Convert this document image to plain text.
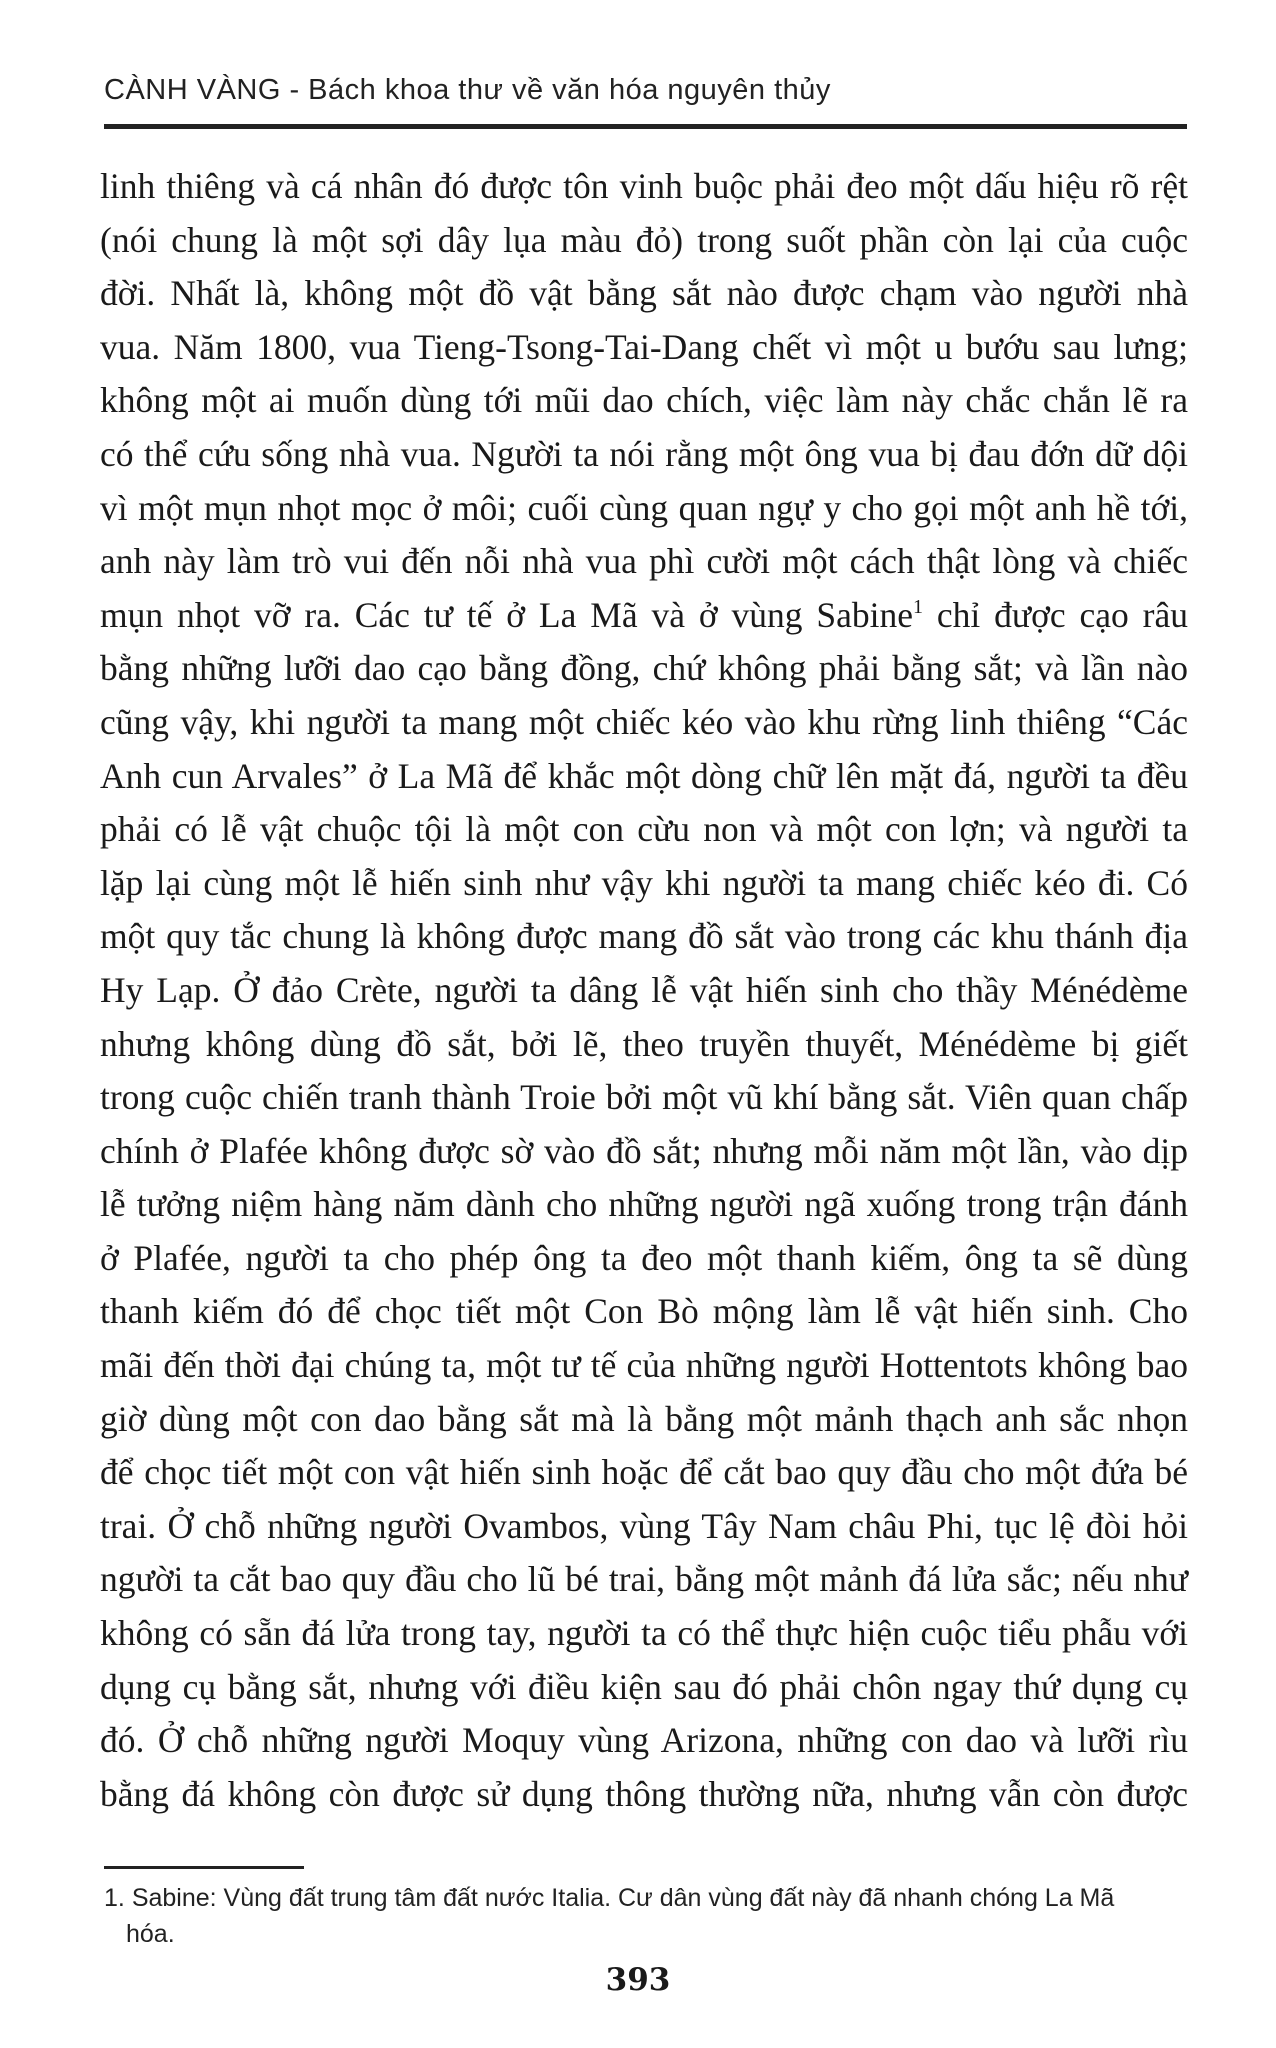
CÀNH VÀNG - Bách khoa thư về văn hóa nguyên thủy
linh thiêng và cá nhân đó được tôn vinh buộc phải đeo một dấu hiệu rõ rệt
(nói chung là một sợi dây lụa màu đỏ) trong suốt phần còn lại của cuộc
đời. Nhất là, không một đồ vật bằng sắt nào được chạm vào người nhà
vua. Năm 1800, vua Tieng-Tsong-Tai-Dang chết vì một u bướu sau lưng;
không một ai muốn dùng tới mũi dao chích, việc làm này chắc chắn lẽ ra
có thể cứu sống nhà vua. Người ta nói rằng một ông vua bị đau đớn dữ dội
vì một mụn nhọt mọc ở môi; cuối cùng quan ngự y cho gọi một anh hề tới,
anh này làm trò vui đến nỗi nhà vua phì cười một cách thật lòng và chiếc
mụn nhọt vỡ ra. Các tư tế ở La Mã và ở vùng Sabine$^1$ chỉ được cạo râu
bằng những lưỡi dao cạo bằng đồng, chứ không phải bằng sắt; và lần nào
cũng vậy, khi người ta mang một chiếc kéo vào khu rừng linh thiêng “Các
Anh cun Arvales” ở La Mã để khắc một dòng chữ lên mặt đá, người ta đều
phải có lễ vật chuộc tội là một con cừu non và một con lợn; và người ta
lặp lại cùng một lễ hiến sinh như vậy khi người ta mang chiếc kéo đi. Có
một quy tắc chung là không được mang đồ sắt vào trong các khu thánh địa
Hy Lạp. Ở đảo Crète, người ta dâng lễ vật hiến sinh cho thầy Ménédème
nhưng không dùng đồ sắt, bởi lẽ, theo truyền thuyết, Ménédème bị giết
trong cuộc chiến tranh thành Troie bởi một vũ khí bằng sắt. Viên quan chấp
chính ở Plafée không được sờ vào đồ sắt; nhưng mỗi năm một lần, vào dịp
lễ tưởng niệm hàng năm dành cho những người ngã xuống trong trận đánh
ở Plafée, người ta cho phép ông ta đeo một thanh kiếm, ông ta sẽ dùng
thanh kiếm đó để chọc tiết một Con Bò mộng làm lễ vật hiến sinh. Cho
mãi đến thời đại chúng ta, một tư tế của những người Hottentots không bao
giờ dùng một con dao bằng sắt mà là bằng một mảnh thạch anh sắc nhọn
để chọc tiết một con vật hiến sinh hoặc để cắt bao quy đầu cho một đứa bé
trai. Ở chỗ những người Ovambos, vùng Tây Nam châu Phi, tục lệ đòi hỏi
người ta cắt bao quy đầu cho lũ bé trai, bằng một mảnh đá lửa sắc; nếu như
không có sẵn đá lửa trong tay, người ta có thể thực hiện cuộc tiểu phẫu với
dụng cụ bằng sắt, nhưng với điều kiện sau đó phải chôn ngay thứ dụng cụ
đó. Ở chỗ những người Moquy vùng Arizona, những con dao và lưỡi rìu
bằng đá không còn được sử dụng thông thường nữa, nhưng vẫn còn được
1. Sabine: Vùng đất trung tâm đất nước Italia. Cư dân vùng đất này đã nhanh chóng La Mã
hóa.
393
